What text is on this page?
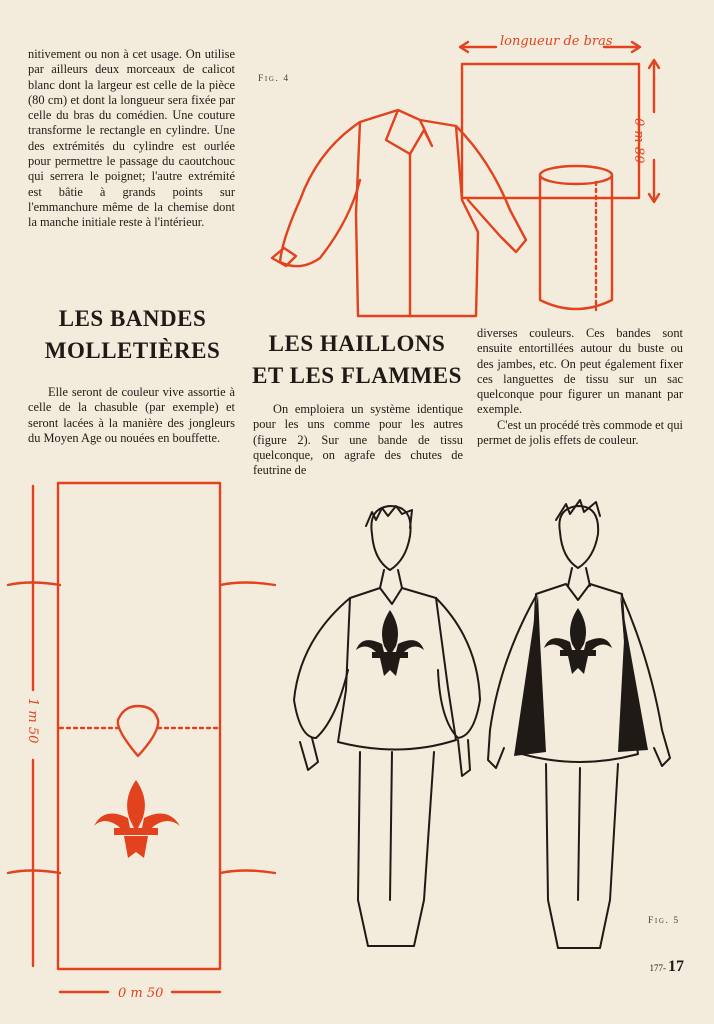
nitivement ou non à cet usage. On utilise par ailleurs deux morceaux de calicot blanc dont la largeur est celle de la pièce (80 cm) et dont la longueur sera fixée par celle du bras du comédien. Une couture transforme le rectangle en cylindre. Une des extrémités du cylindre est ourlée pour permettre le passage du caoutchouc qui serrera le poignet; l'autre extrémité est bâtie à grands points sur l'emmanchure même de la chemise dont la manche initiale reste à l'intérieur.

LES BANDES
MOLLETIÈRES

Elle seront de couleur vive assortie à celle de la chasuble (par exemple) et seront lacées à la manière des jongleurs du Moyen Age ou nouées en bouffette.

LES HAILLONS
ET LES FLAMMES

On emploiera un système identique pour les uns comme pour les autres (figure 2). Sur une bande de tissu quelconque, on agrafe des chutes de feutrine de

diverses couleurs. Ces bandes sont ensuite entortillées autour du buste ou des jambes, etc. On peut également fixer ces languettes de tissu sur un sac quelconque pour figurer un manant par exemple.

C'est un procédé très commode et qui permet de jolis effets de couleur.

Fig. 4
longueur de bras
0 m 80
1 m 50
0 m 50
Fig. 5
177- 17
